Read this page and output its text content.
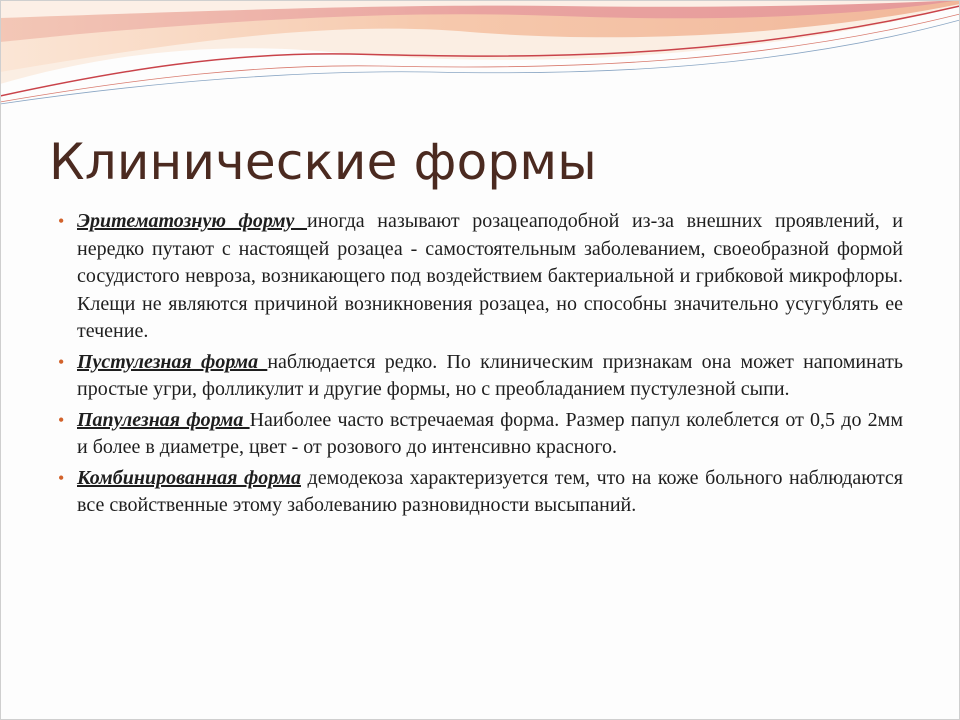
Клинические формы

• Эритематозную форму иногда называют розацеаподобной из-за внешних проявлений, и нередко путают с настоящей розацеа - самостоятельным заболеванием, своеобразной формой сосудистого невроза, возникающего под воздействием бактериальной и грибковой микрофлоры. Клещи не являются причиной возникновения розацеа, но способны значительно усугублять ее течение.

• Пустулезная форма наблюдается редко. По клиническим признакам она может напоминать простые угри, фолликулит и другие формы, но с преобладанием пустулезной сыпи.

• Папулезная форма Наиболее часто встречаемая форма. Размер папул колеблется от 0,5 до 2мм и более в диаметре, цвет - от розового до интенсивно красного.

• Комбинированная форма демодекоза характеризуется тем, что на коже больного наблюдаются все свойственные этому заболеванию разновидности высыпаний.
